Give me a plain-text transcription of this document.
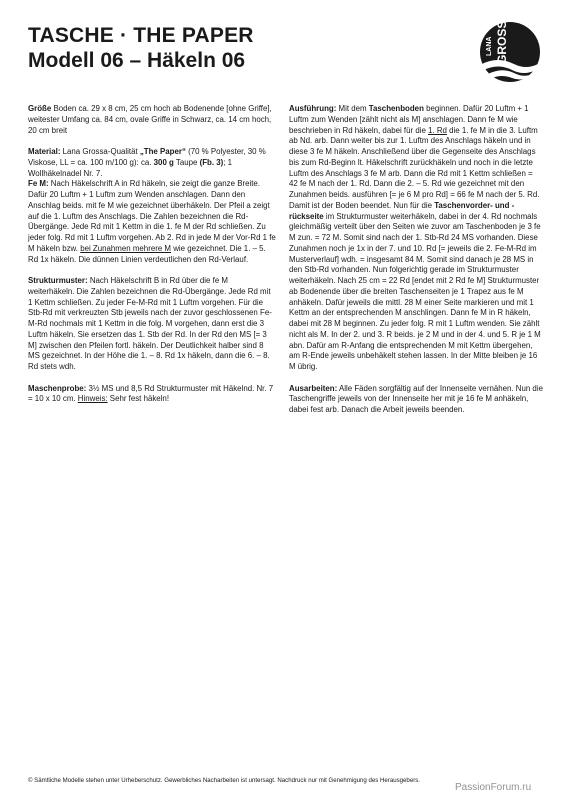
TASCHE · THE PAPER
Modell 06 – Häkeln 06
LANA GROSSA

Größe Boden ca. 29 x 8 cm, 25 cm hoch ab Bodenende [ohne Griffe], weitester Umfang ca. 84 cm, ovale Griffe in Schwarz, ca. 14 cm hoch, 20 cm breit

Material: Lana Grossa-Qualität „The Paper“ (70 % Polyester, 30 % Viskose, LL = ca. 100 m/100 g): ca. 300 g Taupe (Fb. 3); 1 Wollhäkelnadel Nr. 7.

Fe M: Nach Häkelschrift A in Rd häkeln, sie zeigt die ganze Breite. Dafür 20 Luftm + 1 Luftm zum Wenden anschlagen. Dann den Anschlag beids. mit fe M wie gezeichnet überhäkeln. Der Pfeil a zeigt auf die 1. Luftm des Anschlags. Die Zahlen bezeichnen die Rd-Übergänge. Jede Rd mit 1 Kettm in die 1. fe M der Rd schließen. Zu jeder folg. Rd mit 1 Luftm vorgehen. Ab 2. Rd in jede M der Vor-Rd 1 fe M häkeln bzw. bei Zunahmen mehrere M wie gezeichnet. Die 1. – 5. Rd 1x häkeln. Die dünnen Linien verdeutlichen den Rd-Verlauf.

Strukturmuster: Nach Häkelschrift B in Rd über die fe M weiterhäkeln. Die Zahlen bezeichnen die Rd-Übergänge. Jede Rd mit 1 Kettm schließen. Zu jeder Fe-M-Rd mit 1 Luftm vorgehen. Für die Stb-Rd mit verkreuzten Stb jeweils nach der zuvor geschlossenen Fe-M-Rd nochmals mit 1 Kettm in die folg. M vorgehen, dann erst die 3 Luftm häkeln. Sie ersetzen das 1. Stb der Rd. In der Rd den MS [= 3 M] zwischen den Pfeilen fortl. häkeln. Der Deutlichkeit halber sind 8 MS gezeichnet. In der Höhe die 1. – 8. Rd 1x häkeln, dann die 6. – 8. Rd stets wdh.

Maschenprobe: 3½ MS und 8,5 Rd Strukturmuster mit Häkelnd. Nr. 7 = 10 x 10 cm. Hinweis: Sehr fest häkeln!

Ausführung: Mit dem Taschenboden beginnen. Dafür 20 Luftm + 1 Luftm zum Wenden [zählt nicht als M] anschlagen. Dann fe M wie beschrieben in Rd häkeln, dabei für die 1. Rd die 1. fe M in die 3. Luftm ab Nd. arb. Dann weiter bis zur 1. Luftm des Anschlags häkeln und in diese 3 fe M häkeln. Anschließend über die Gegenseite des Anschlags bis zum Rd-Beginn lt. Häkelschrift zurückhäkeln und noch in die letzte Luftm des Anschlags 3 fe M arb. Dann die Rd mit 1 Kettm schließen = 42 fe M nach der 1. Rd. Dann die 2. – 5. Rd wie gezeichnet mit den Zunahmen beids. ausführen [= je 6 M pro Rd] = 66 fe M nach der 5. Rd. Damit ist der Boden beendet. Nun für die Taschenvorder- und -rückseite im Strukturmuster weiterhäkeln, dabei in der 4. Rd nochmals gleichmäßig verteilt über den Seiten wie zuvor am Taschenboden je 3 fe M zun. = 72 M. Somit sind nach der 1. Stb-Rd 24 MS vorhanden. Diese Zunahmen noch je 1x in der 7. und 10. Rd [= jeweils die 2. Fe-M-Rd im Musterverlauf] wdh. = insgesamt 84 M. Somit sind danach je 28 MS in den Stb-Rd vorhanden. Nun folgerichtig gerade im Strukturmuster weiterhäkeln. Nach 25 cm = 22 Rd [endet mit 2 Rd fe M] Strukturmuster ab Bodenende über die breiten Taschenseiten je 1 Trapez aus fe M anhäkeln. Dafür jeweils die mittl. 28 M einer Seite markieren und mit 1 Kettm an der entsprechenden M anschlingen. Dann fe M in R häkeln, dabei mit 28 M beginnen. Zu jeder folg. R mit 1 Luftm wenden. Sie zählt nicht als M. In der 2. und 3. R beids. je 2 M und in der 4. und 5. R je 1 M abn. Dafür am R-Anfang die entsprechenden M mit Kettm übergehen, am R-Ende jeweils unbehäkelt stehen lassen. In der Mitte bleiben je 16 M übrig.

Ausarbeiten: Alle Fäden sorgfältig auf der Innenseite vernähen. Nun die Taschengriffe jeweils von der Innenseite her mit je 16 fe M anhäkeln, dabei fest arb. Danach die Arbeit jeweils beenden.

© Sämtliche Modelle stehen unter Urheberschutz. Gewerbliches Nacharbeiten ist untersagt. Nachdruck nur mit Genehmigung des Herausgebers.
PassionForum.ru
